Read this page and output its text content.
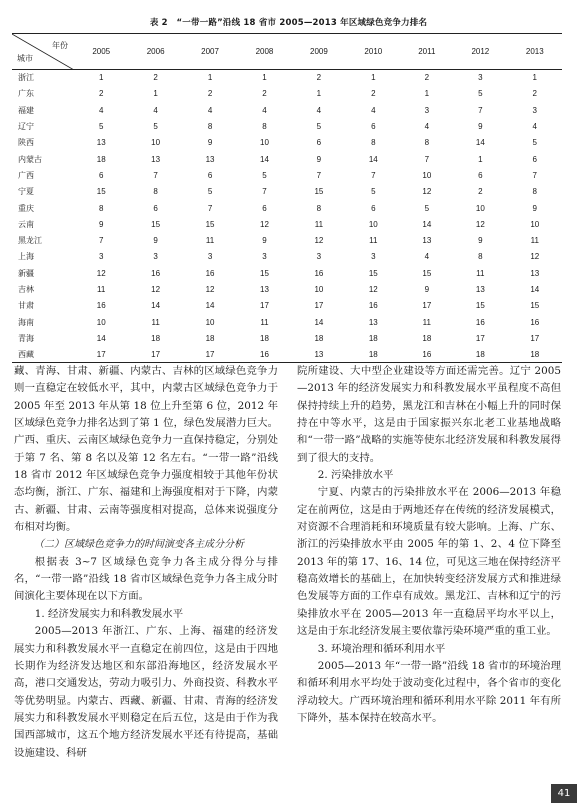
表 2　“一带一路”沿线 18 省市 2005—2013 年区域绿色竞争力排名
年份
城市	2005	2006	2007	2008	2009	2010	2011	2012	2013
浙江	1	2	1	1	2	1	2	3	1
广东	2	1	2	2	1	2	1	5	2
福建	4	4	4	4	4	4	3	7	3
辽宁	5	5	8	8	5	6	4	9	4
陕西	13	10	9	10	6	8	8	14	5
内蒙古	18	13	13	14	9	14	7	1	6
广西	6	7	6	5	7	7	10	6	7
宁夏	15	8	5	7	15	5	12	2	8
重庆	8	6	7	6	8	6	5	10	9
云南	9	15	15	12	11	10	14	12	10
黑龙江	7	9	11	9	12	11	13	9	11
上海	3	3	3	3	3	3	4	8	12
新疆	12	16	16	15	16	15	15	11	13
吉林	11	12	12	13	10	12	9	13	14
甘肃	16	14	14	17	17	16	17	15	15
海南	10	11	10	11	14	13	11	16	16
青海	14	18	18	18	18	18	18	17	17
西藏	17	17	17	16	13	18	16	18	18

藏、青海、甘肃、新疆、内蒙古、吉林的区域绿色竞争力则一直稳定在较低水平，其中，内蒙古区域绿色竞争力于 2005 年至 2013 年从第 18 位上升至第 6 位，2012 年区域绿色竞争力排名达到了第 1 位，绿色发展潜力巨大。广西、重庆、云南区域绿色竞争力一直保持稳定，分别处于第 7 名、第 8 名以及第 12 名左右。“一带一路”沿线 18 省市 2012 年区域绿色竞争力强度相较于其他年份状态均衡，浙江、广东、福建和上海强度相对于下降，内蒙古、新疆、甘肃、云南等强度相对提高，总体来说强度分布相对均衡。

（二）区域绿色竞争力的时间演变各主成分分析

根据表 3~7 区域绿色竞争力各主成分得分与排名，“一带一路”沿线 18 省市区域绿色竞争力各主成分时间演化主要体现在以下方面。

1. 经济发展实力和科教发展水平

2005—2013 年浙江、广东、上海、福建的经济发展实力和科教发展水平一直稳定在前四位，这是由于四地长期作为经济发达地区和东部沿海地区，经济发展水平高，港口交通发达，劳动力吸引力、外商投资、科教水平等优势明显。内蒙古、西藏、新疆、甘肃、青海的经济发展实力和科教发展水平则稳定在后五位，这是由于作为我国西部城市，这五个地方经济发展水平还有待提高，基础设施建设、科研

院所建设、大中型企业建设等方面还需完善。辽宁 2005—2013 年的经济发展实力和科教发展水平虽程度不高但保持持续上升的趋势，黑龙江和吉林在小幅上升的同时保持在中等水平，这是由于国家振兴东北老工业基地战略和“一带一路”战略的实施等使东北经济发展和科教发展得到了很大的支持。

2. 污染排放水平

宁夏、内蒙古的污染排放水平在 2006—2013 年稳定在前两位，这是由于两地还存在传统的经济发展模式，对资源不合理消耗和环境质量有较大影响。上海、广东、浙江的污染排放水平由 2005 年的第 1、2、4 位下降至 2013 年的第 17、16、14 位，可见这三地在保持经济平稳高效增长的基础上，在加快转变经济发展方式和推进绿色发展等方面的工作卓有成效。黑龙江、吉林和辽宁的污染排放水平在 2005—2013 年一直稳居平均水平以上，这是由于东北经济发展主要依靠污染环境严重的重工业。

3. 环境治理和循环利用水平

2005—2013 年“一带一路”沿线 18 省市的环境治理和循环利用水平均处于波动变化过程中，各个省市的变化浮动较大。广西环境治理和循环利用水平除 2011 年有所下降外，基本保持在较高水平。

41
